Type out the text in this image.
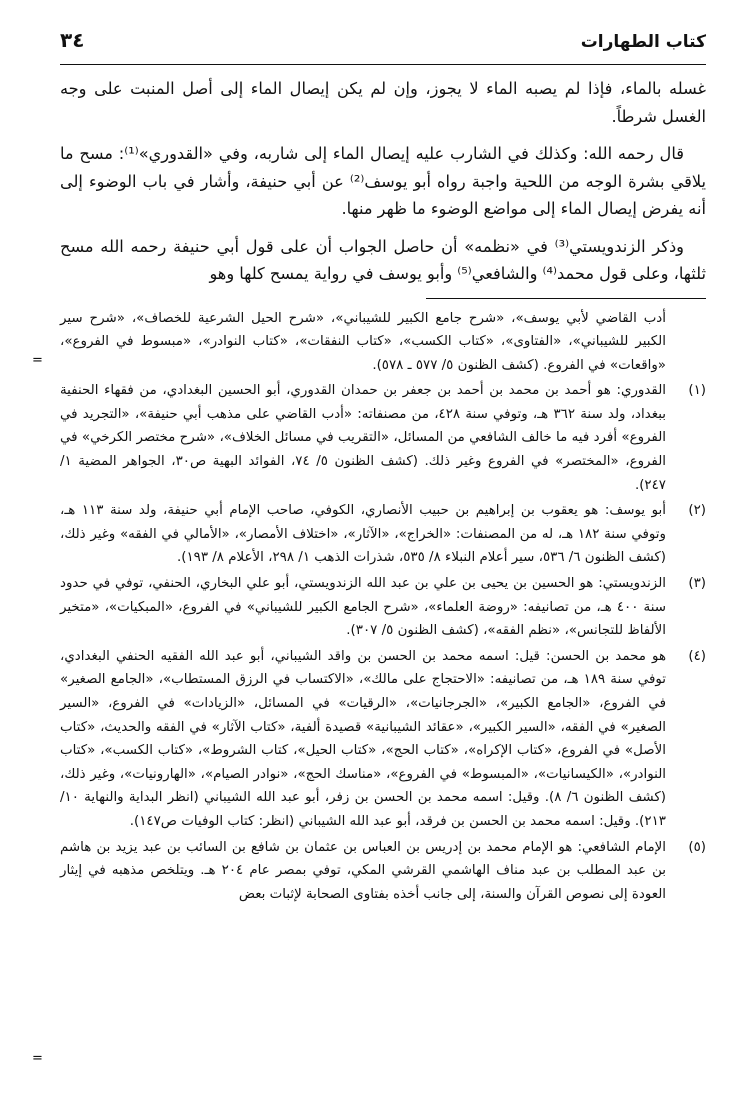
كتاب الطهارات
٣٤

غسله بالماء، فإذا لم يصبه الماء لا يجوز، وإن لم يكن إيصال الماء إلى أصل المنبت على وجه الغسل شرطاً.

قال رحمه الله: وكذلك في الشارب عليه إيصال الماء إلى شاربه، وفي «القدوري»⁽¹⁾: مسح ما يلاقي بشرة الوجه من اللحية واجبة رواه أبو يوسف⁽²⁾ عن أبي حنيفة، وأشار في باب الوضوء إلى أنه يفرض إيصال الماء إلى مواضع الوضوء ما ظهر منها.

وذكر الزندويستي⁽³⁾ في «نظمه» أن حاصل الجواب أن على قول أبي حنيفة رحمه الله مسح ثلثها، وعلى قول محمد⁽⁴⁾ والشافعي⁽⁵⁾ وأبو يوسف في رواية يمسح كلها وهو

أدب القاضي لأبي يوسف»، «شرح جامع الكبير للشيباني»، «شرح الحيل الشرعية للخصاف»، «شرح سير الكبير للشيباني»، «الفتاوى»، «كتاب الكسب»، «كتاب النفقات»، «كتاب النوادر»، «مبسوط في الفروع»، «واقعات» في الفروع. (كشف الظنون ٥/ ٥٧٧ ـ ٥٧٨).
(١)
القدوري: هو أحمد بن محمد بن أحمد بن جعفر بن حمدان القدوري، أبو الحسين البغدادي، من فقهاء الحنفية ببغداد، ولد سنة ٣٦٢ هـ، وتوفي سنة ٤٢٨، من مصنفاته: «أدب القاضي على مذهب أبي حنيفة»، «التجريد في الفروع» أفرد فيه ما خالف الشافعي من المسائل، «التقريب في مسائل الخلاف»، «شرح مختصر الكرخي» في الفروع، «المختصر» في الفروع وغير ذلك. (كشف الظنون ٥/ ٧٤، الفوائد البهية ص٣٠، الجواهر المضية ١/ ٢٤٧).
(٢)
أبو يوسف: هو يعقوب بن إبراهيم بن حبيب الأنصاري، الكوفي، صاحب الإمام أبي حنيفة، ولد سنة ١١٣ هـ، وتوفي سنة ١٨٢ هـ، له من المصنفات: «الخراج»، «الآثار»، «اختلاف الأمصار»، «الأمالي في الفقه» وغير ذلك، (كشف الظنون ٦/ ٥٣٦، سير أعلام النبلاء ٨/ ٥٣٥، شذرات الذهب ١/ ٢٩٨، الأعلام ٨/ ١٩٣).
(٣)
الزندويستي: هو الحسين بن يحيى بن علي بن عبد الله الزندويستي، أبو علي البخاري، الحنفي، توفي في حدود سنة ٤٠٠ هـ، من تصانيفه: «روضة العلماء»، «شرح الجامع الكبير للشيباني» في الفروع، «المبكيات»، «متخير الألفاظ للتجانس»، «نظم الفقه»، (كشف الظنون ٥/ ٣٠٧).
(٤)
هو محمد بن الحسن: قيل: اسمه محمد بن الحسن بن واقد الشيباني، أبو عبد الله الفقيه الحنفي البغدادي، توفي سنة ١٨٩ هـ، من تصانيفه: «الاحتجاج على مالك»، «الاكتساب في الرزق المستطاب»، «الجامع الصغير» في الفروع، «الجامع الكبير»، «الجرجانيات»، «الرقيات» في المسائل، «الزيادات» في الفروع، «السير الصغير» في الفقه، «السير الكبير»، «عقائد الشيبانية» قصيدة ألفية، «كتاب الآثار» في الفقه والحديث، «كتاب الأصل» في الفروع، «كتاب الإكراه»، «كتاب الحج»، «كتاب الحيل»، كتاب الشروط»، «كتاب الكسب»، «كتاب النوادر»، «الكيسانيات»، «المبسوط» في الفروع»، «مناسك الحج»، «نوادر الصيام»، «الهارونيات»، وغير ذلك، (كشف الظنون ٦/ ٨). وقيل: اسمه محمد بن الحسن بن زفر، أبو عبد الله الشيباني (انظر البداية والنهاية ١٠/ ٢١٣). وقيل: اسمه محمد بن الحسن بن فرقد، أبو عبد الله الشيباني (انظر: كتاب الوفيات ص١٤٧).
(٥)
الإمام الشافعي: هو الإمام محمد بن إدريس بن العباس بن عثمان بن شافع بن السائب بن عبد يزيد بن هاشم بن عبد المطلب بن عبد مناف الهاشمي القرشي المكي، توفي بمصر عام ٢٠٤ هـ. ويتلخص مذهبه في إيثار العودة إلى نصوص القرآن والسنة، إلى جانب أخذه بفتاوى الصحابة لإثبات بعض
=
=
